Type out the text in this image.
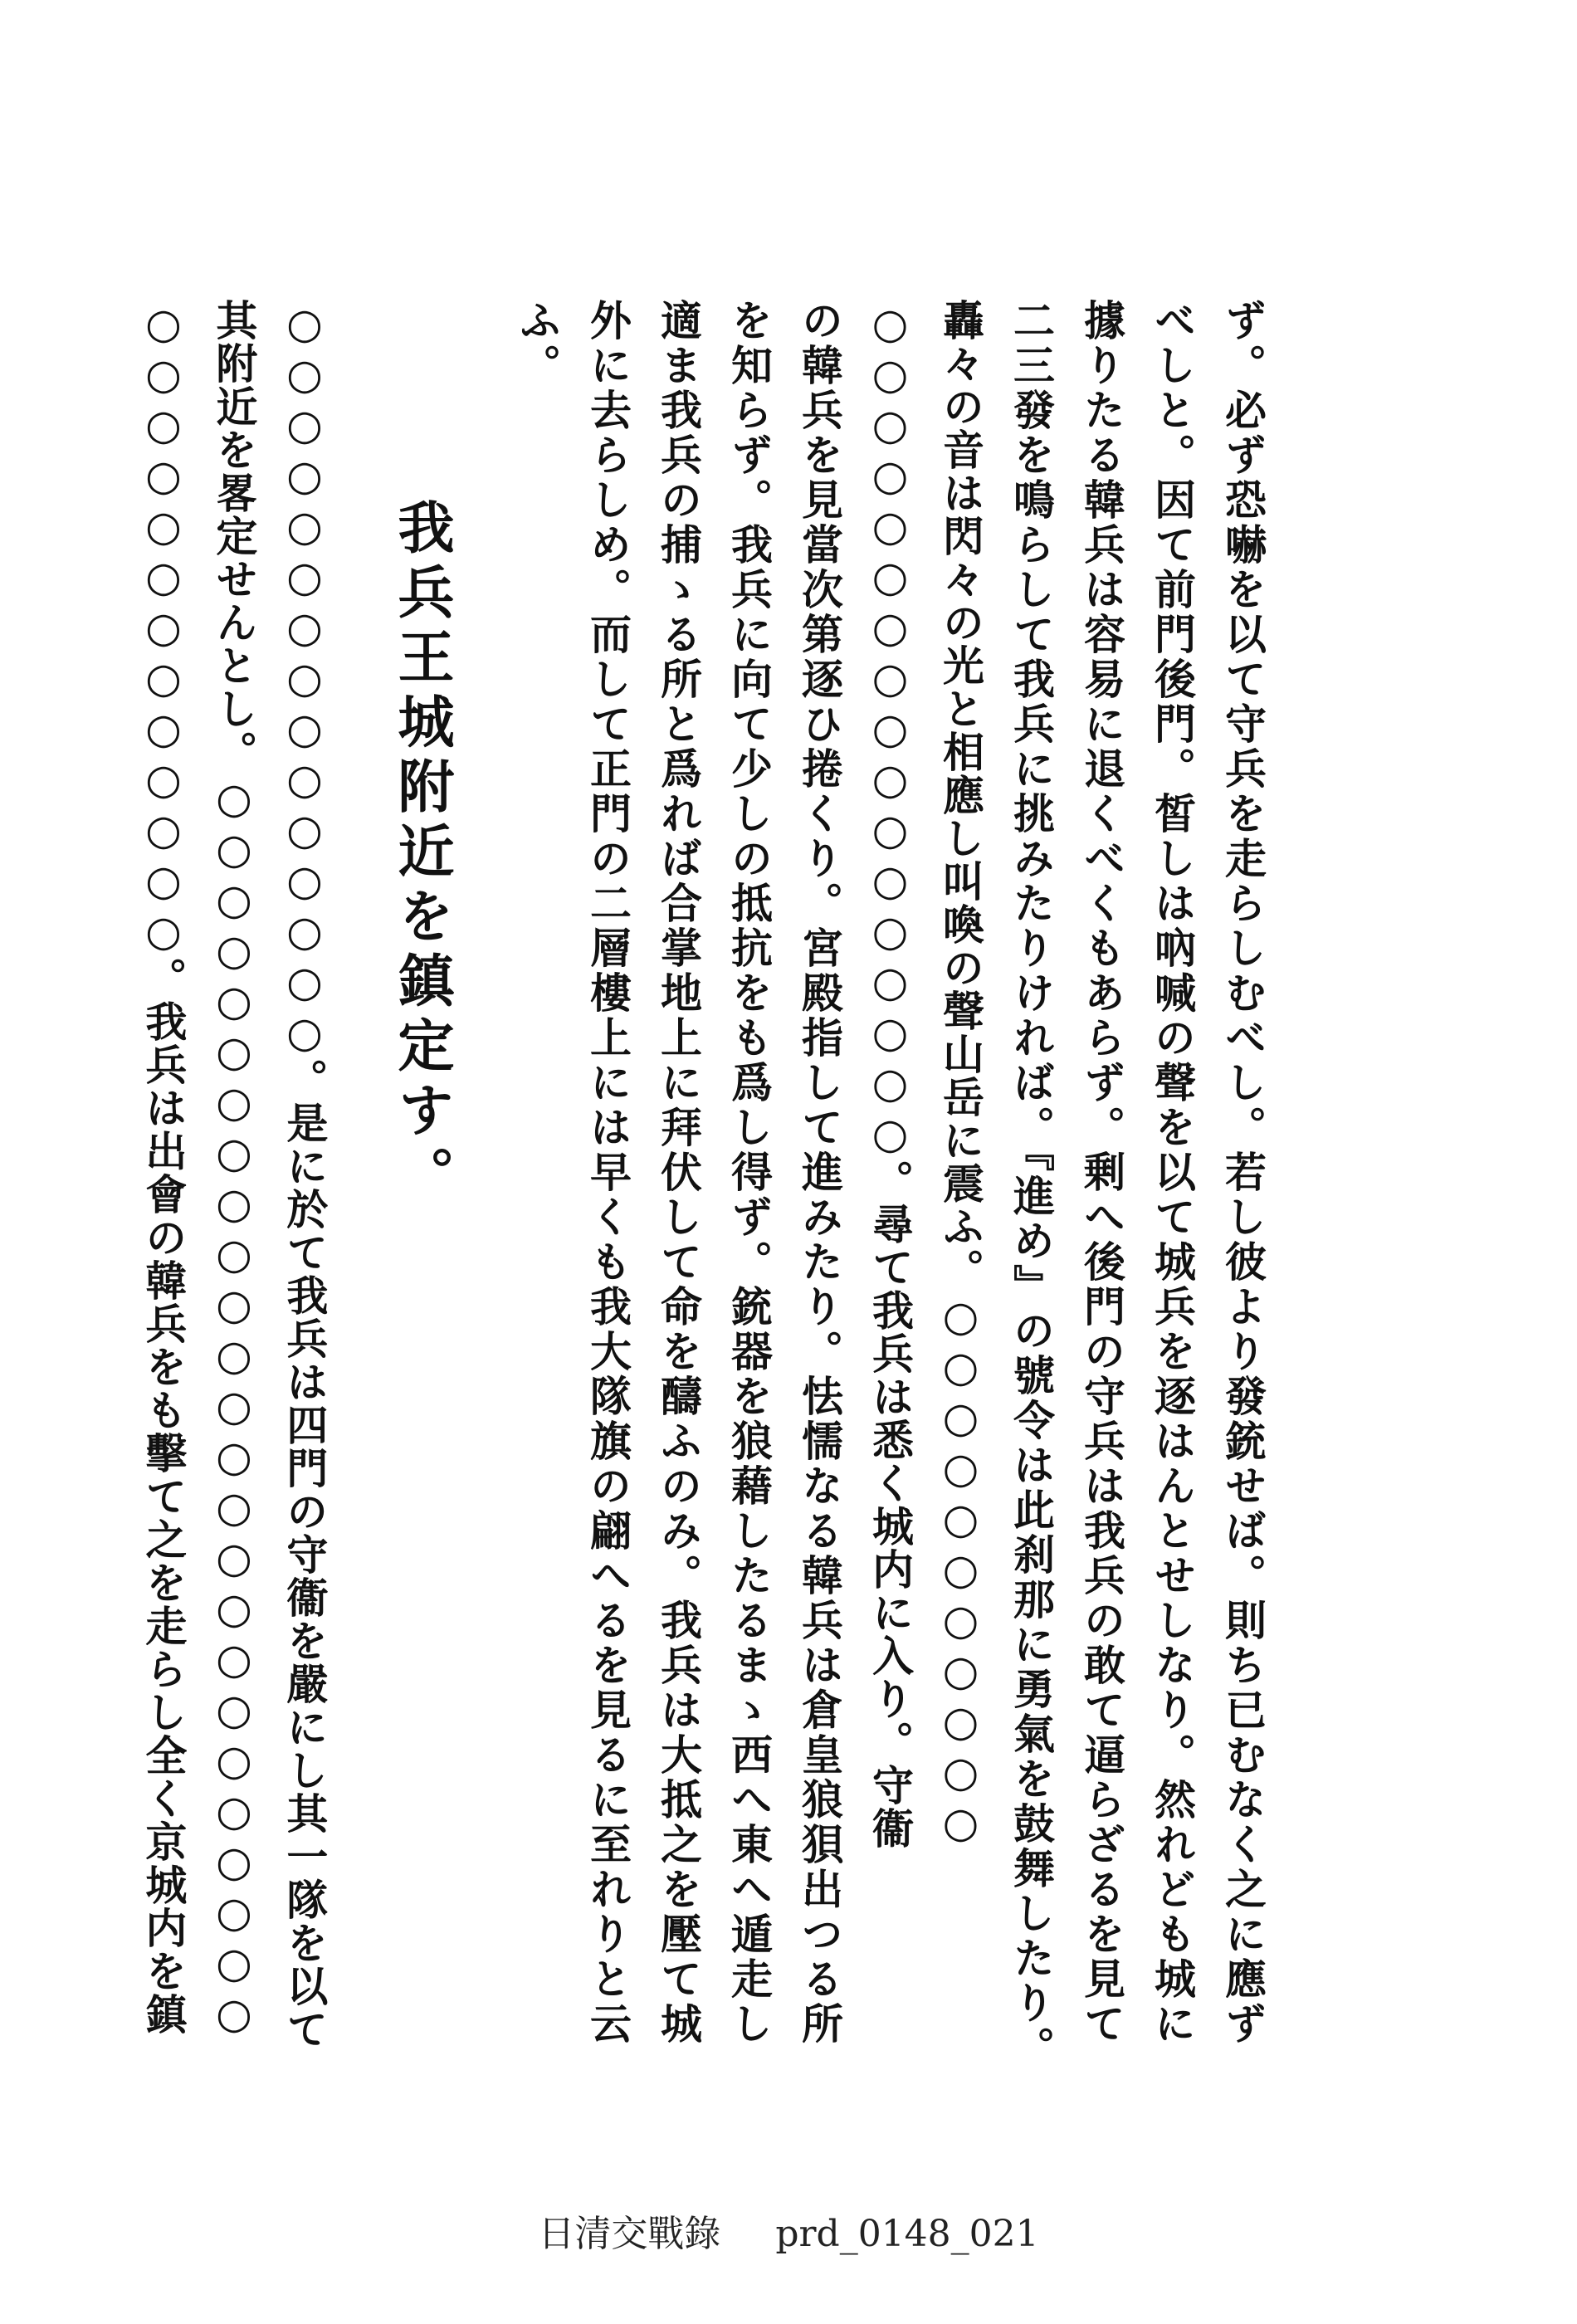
ず。必ず恐嚇を以て守兵を走らしむべし。若し彼より發銃せば。則ち已むなく之に應ず

べしと。因て前門後門。皙しは吶喊の聲を以て城兵を逐はんとせしなり。然れども城に

據りたる韓兵は容易に退くべくもあらず。剰へ後門の守兵は我兵の敢て逼らざるを見て

二三發を鳴らして我兵に挑みたりければ。『進め』の號令は此刹那に勇氣を鼓舞したり。

轟々の音は閃々の光と相應し叫喚の聲山岳に震ふ。○○○○○○○○○○○

○○○○○○○○○○○○○○○○○。尋て我兵は悉く城内に入り。守衞

の韓兵を見當次第逐ひ捲くり。宮殿指して進みたり。怯懦なる韓兵は倉皇狼狽出つる所

を知らず。我兵に向て少しの抵抗をも爲し得ず。銃器を狼藉したるまゝ西へ東へ遁走し

適ま我兵の捕ゝる所と爲れば合掌地上に拜伏して命を醻ふのみ。我兵は大抵之を壓て城

外に去らしめ。而して正門の二層樓上には早くも我大隊旗の翩へるを見るに至れりと云

ふ。

我兵王城附近を鎮定す。

○○○○○○○○○○○○○○○。是に於て我兵は四門の守衞を嚴にし其一隊を以て

其附近を畧定せんとし。○○○○○○○○○○○○○○○○○○○○○○○○○

○○○○○○○○○○○○○。我兵は出會の韓兵をも擊て之を走らし全く京城内を鎮

日清交戰錄 prd_0148_021
